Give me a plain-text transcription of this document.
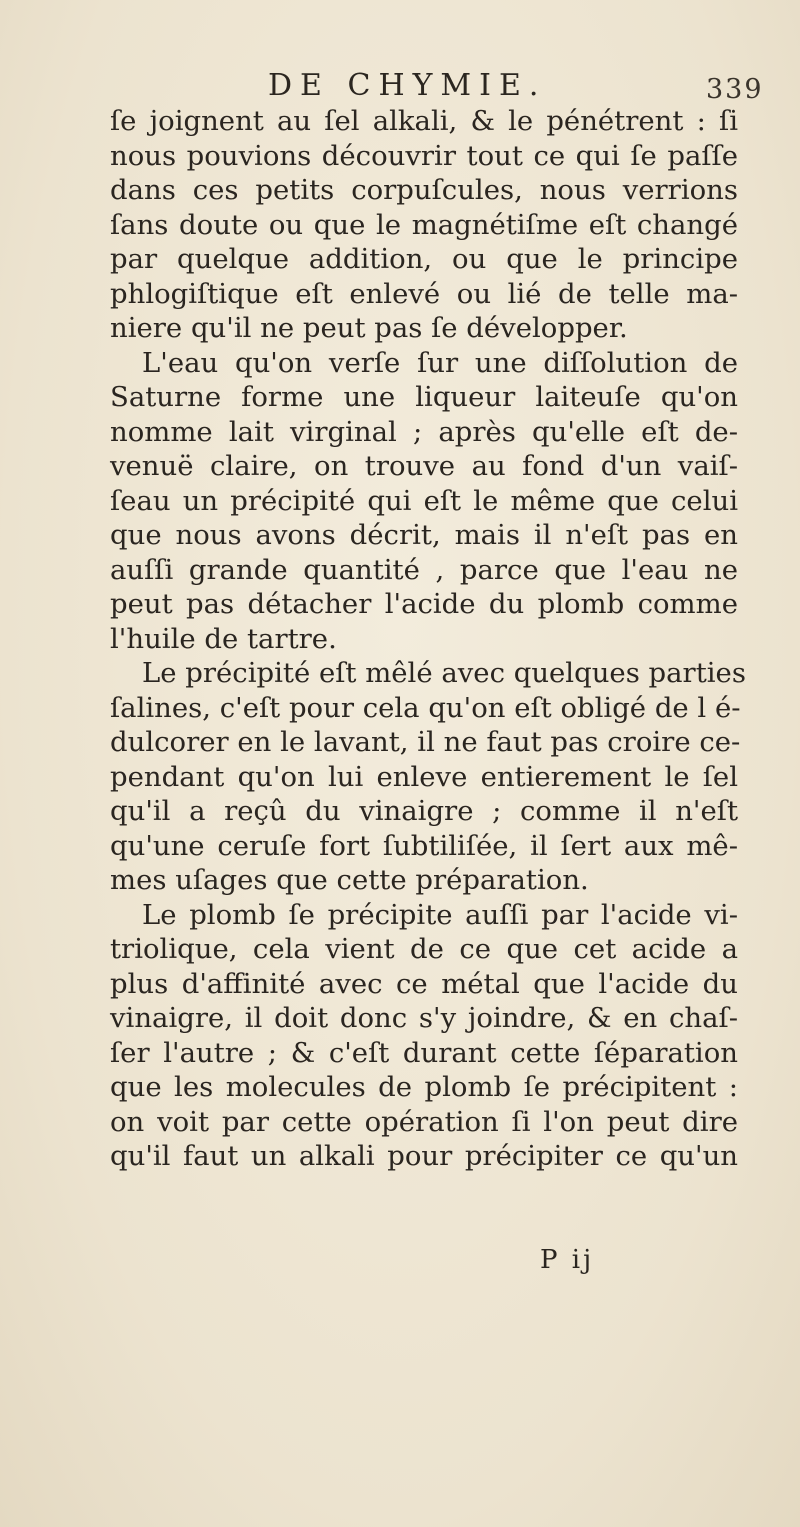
DE CHYMIE.	339
ſe joignent au ſel alkali, & le pénétrent : ſi
nous pouvions découvrir tout ce qui ſe paſſe
dans ces petits corpuſcules, nous verrions
ſans doute ou que le magnétiſme eſt changé
par quelque addition, ou que le principe
phlogiſtique eſt enlevé ou lié de telle ma-
niere qu'il ne peut pas ſe développer.
L'eau qu'on verſe ſur une diſſolution de
Saturne forme une liqueur laiteuſe qu'on
nomme lait virginal ; après qu'elle eſt de-
venuë claire, on trouve au fond d'un vaiſ-
ſeau un précipité qui eſt le même que celui
que nous avons décrit, mais il n'eſt pas en
auſſi grande quantité , parce que l'eau ne
peut pas détacher l'acide du plomb comme
l'huile de tartre.
Le précipité eſt mêlé avec quelques parties
ſalines, c'eſt pour cela qu'on eſt obligé de l é-
dulcorer en le lavant, il ne faut pas croire ce-
pendant qu'on lui enleve entierement le ſel
qu'il a reçû du vinaigre ; comme il n'eſt
qu'une ceruſe fort ſubtiliſée, il ſert aux mê-
mes uſages que cette préparation.
Le plomb ſe précipite auſſi par l'acide vi-
triolique, cela vient de ce que cet acide a
plus d'affinité avec ce métal que l'acide du
vinaigre, il doit donc s'y joindre, & en chaſ-
ſer l'autre ; & c'eſt durant cette ſéparation
que les molecules de plomb ſe précipitent :
on voit par cette opération ſi l'on peut dire
qu'il faut un alkali pour précipiter ce qu'un
P ij
